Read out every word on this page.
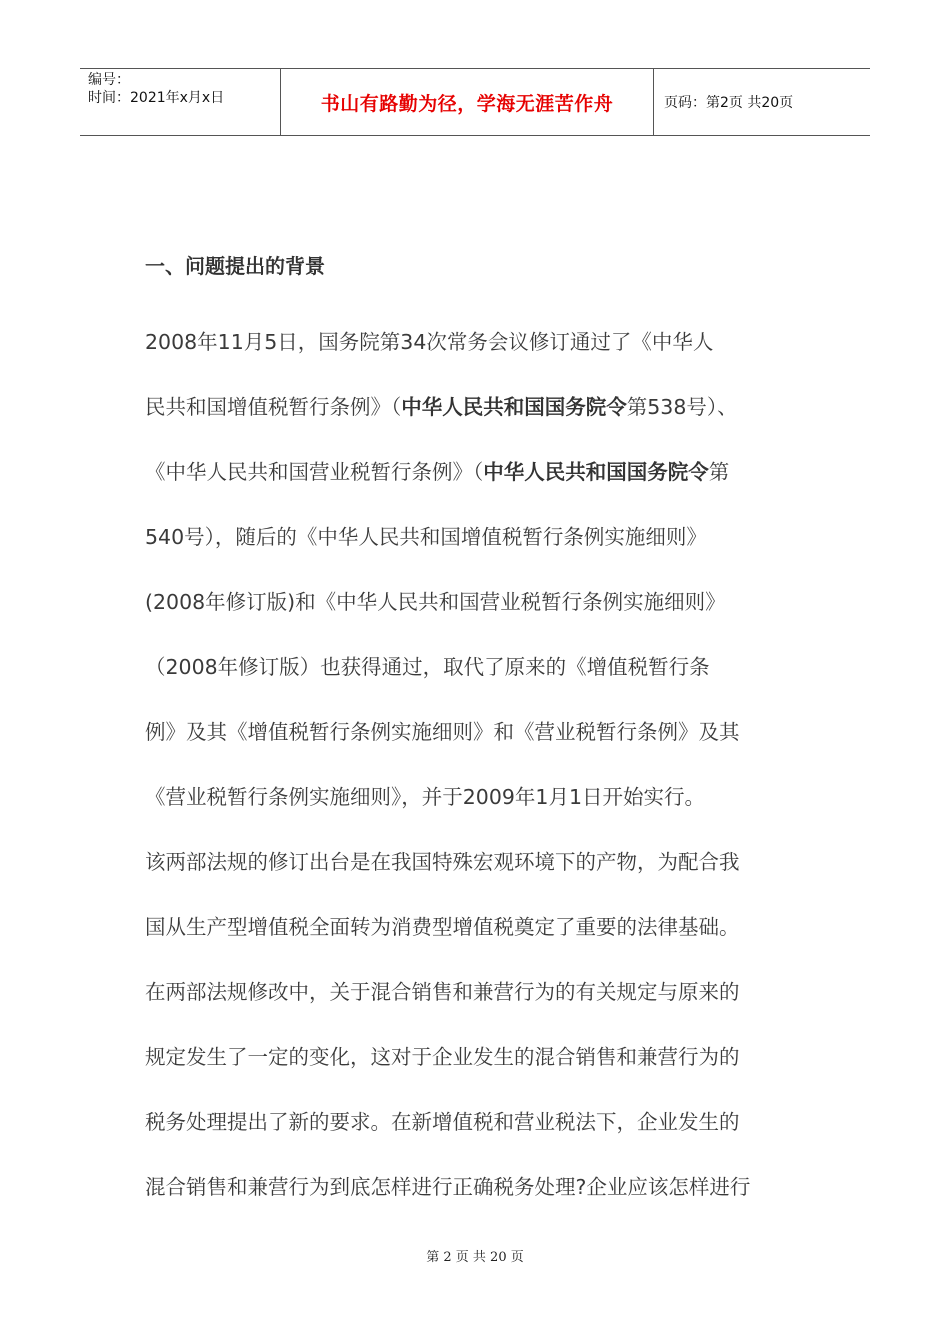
编号：
时间：2021年x月x日	书山有路勤为径，学海无涯苦作舟	页码：第2页 共20页
一、问题提出的背景
2008年11月5日，国务院第34次常务会议修订通过了《中华人
民共和国增值税暂行条例》（中华人民共和国国务院令第538号）、
《中华人民共和国营业税暂行条例》（中华人民共和国国务院令第
540号），随后的《中华人民共和国增值税暂行条例实施细则》
(2008年修订版)和《中华人民共和国营业税暂行条例实施细则》
（2008年修订版）也获得通过，取代了原来的《增值税暂行条
例》及其《增值税暂行条例实施细则》和《营业税暂行条例》及其
《营业税暂行条例实施细则》，并于2009年1月1日开始实行。
该两部法规的修订出台是在我国特殊宏观环境下的产物，为配合我
国从生产型增值税全面转为消费型增值税奠定了重要的法律基础。
在两部法规修改中，关于混合销售和兼营行为的有关规定与原来的
规定发生了一定的变化，这对于企业发生的混合销售和兼营行为的
税务处理提出了新的要求。在新增值税和营业税法下，企业发生的
混合销售和兼营行为到底怎样进行正确税务处理?企业应该怎样进行
第 2 页 共 20 页
